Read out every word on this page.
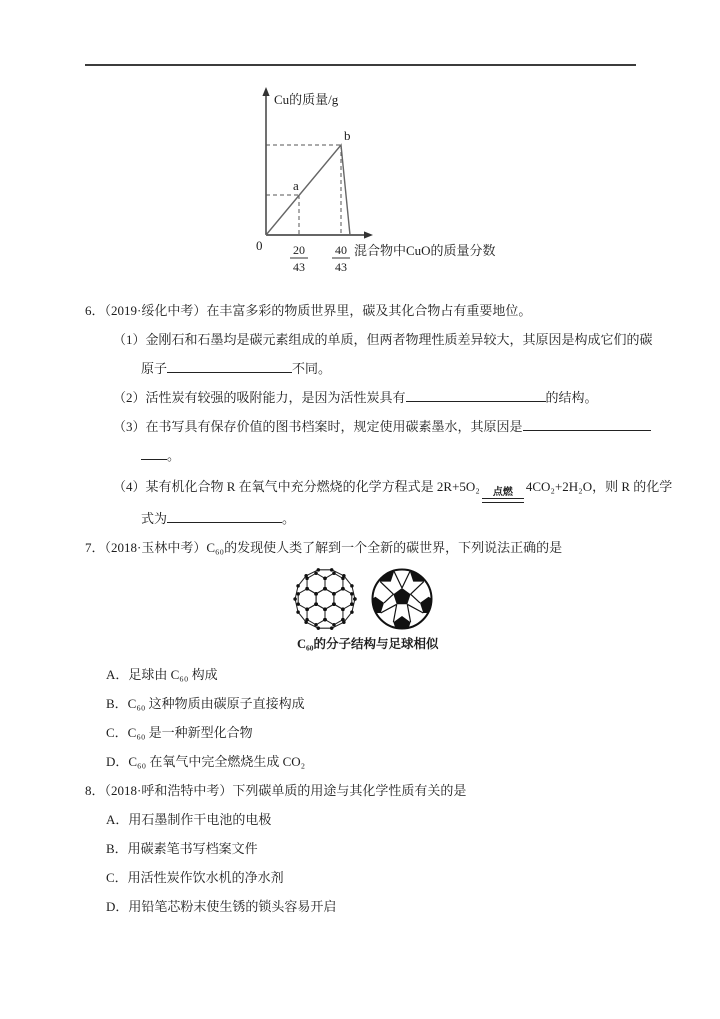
Cu的质量/g
a
b
0	20
43
40
43
混合物中CuO的质量分数
6．（2019·绥化中考）在丰富多彩的物质世界里，碳及其化合物占有重要地位。
（1）金刚石和石墨均是碳元素组成的单质，但两者物理性质差异较大，其原因是构成它们的碳
原子	不同。
（2）活性炭有较强的吸附能力，是因为活性炭具有	的结构。
（3）在书写具有保存价值的图书档案时，规定使用碳素墨水，其原因是
。
（4）某有机化合物 R 在氧气中充分燃烧的化学方程式是 2R+5O₂ 点燃 4CO₂+2H₂O，则 R 的化学
式为	。
7．（2018·玉林中考）C₆₀的发现使人类了解到一个全新的碳世界，下列说法正确的是
C₆₀的分子结构与足球相似
A．足球由 C₆₀ 构成
B．C₆₀ 这种物质由碳原子直接构成
C．C₆₀ 是一种新型化合物
D．C₆₀ 在氧气中完全燃烧生成 CO₂
8．（2018·呼和浩特中考）下列碳单质的用途与其化学性质有关的是
A．用石墨制作干电池的电极
B．用碳素笔书写档案文件
C．用活性炭作饮水机的净水剂
D．用铅笔芯粉末使生锈的锁头容易开启
